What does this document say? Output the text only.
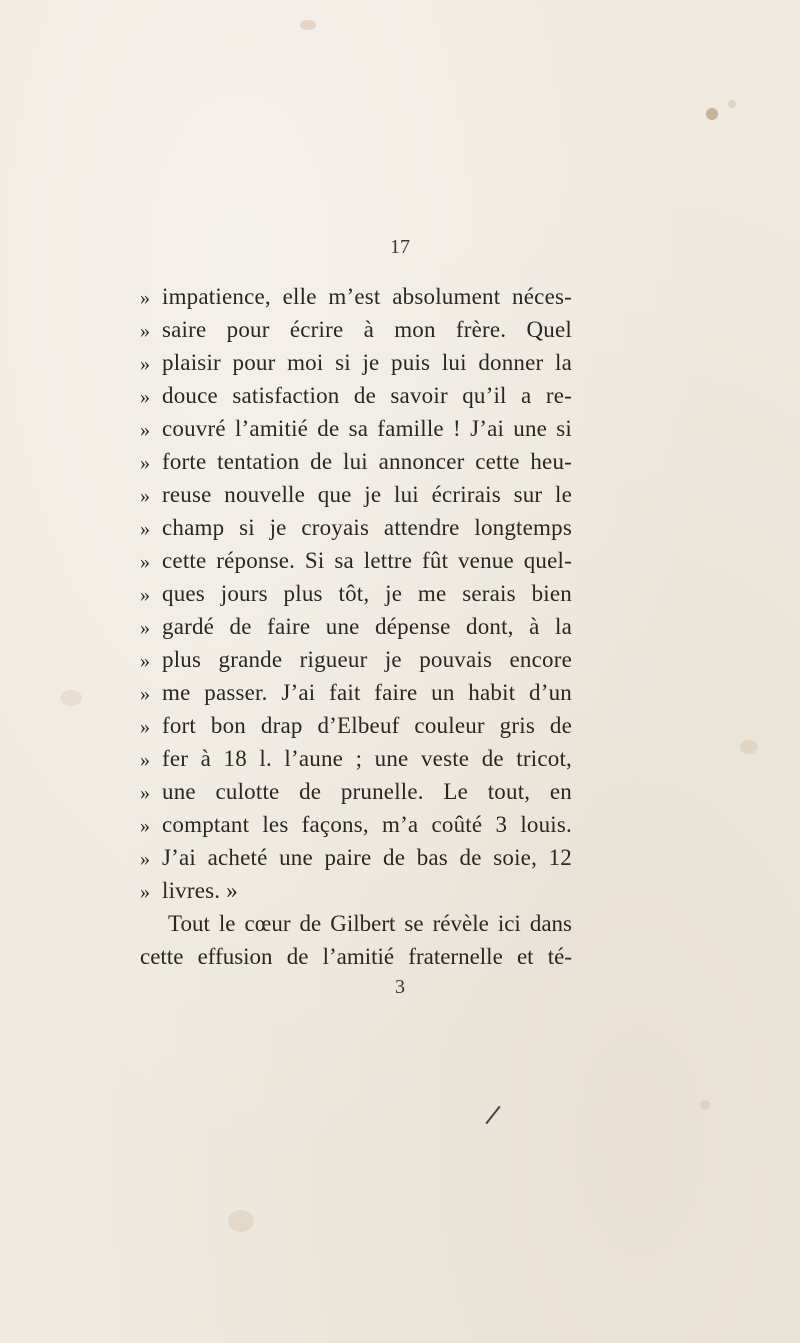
17
» impatience, elle m’est absolument néces-
» saire pour écrire à mon frère. Quel
» plaisir pour moi si je puis lui donner la
» douce satisfaction de savoir qu’il a re-
» couvré l’amitié de sa famille ! J’ai une si
» forte tentation de lui annoncer cette heu-
» reuse nouvelle que je lui écrirais sur le
» champ si je croyais attendre longtemps
» cette réponse. Si sa lettre fût venue quel-
» ques jours plus tôt, je me serais bien
» gardé de faire une dépense dont, à la
» plus grande rigueur je pouvais encore
» me passer. J’ai fait faire un habit d’un
» fort bon drap d’Elbeuf couleur gris de
» fer à 18 l. l’aune ; une veste de tricot,
» une culotte de prunelle. Le tout, en
» comptant les façons, m’a coûté 3 louis.
» J’ai acheté une paire de bas de soie, 12
» livres. »
Tout le cœur de Gilbert se révèle ici dans
cette effusion de l’amitié fraternelle et té-
3
